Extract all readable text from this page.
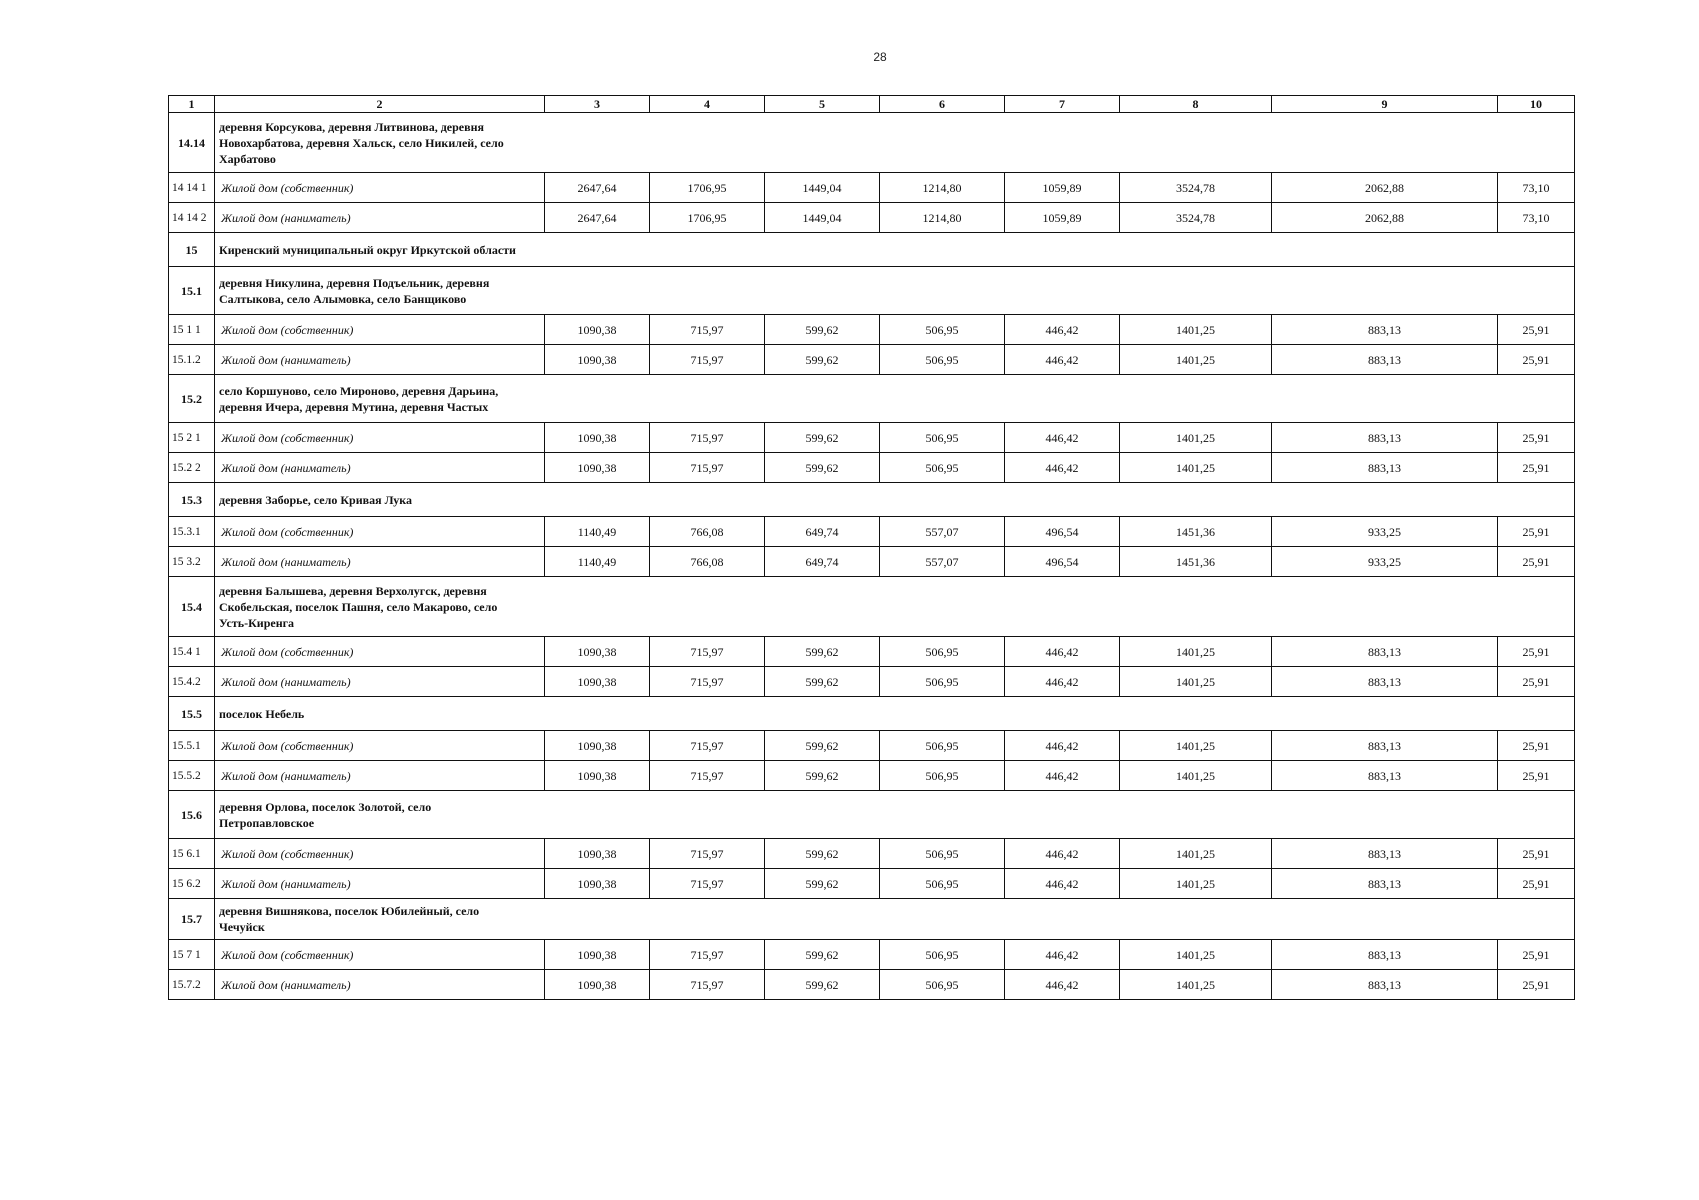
28
1	2	3	4	5	6	7	8	9	10
14.14	деревня Корсукова, деревня Литвинова, деревня Новохарбатова, деревня Хальск, село Никилей, село Харбатово								

14 14 1	Жилой дом (собственник)	2647,64	1706,95	1449,04	1214,80	1059,89	3524,78	2062,88	73,10
14 14 2	Жилой дом (наниматель)	2647,64	1706,95	1449,04	1214,80	1059,89	3524,78	2062,88	73,10
15	Киренский муниципальный округ Иркутской области								

15.1	деревня Никулина, деревня Подъельник, деревня Салтыкова, село Алымовка, село Банщиково								

15 1 1	Жилой дом (собственник)	1090,38	715,97	599,62	506,95	446,42	1401,25	883,13	25,91
15.1.2	Жилой дом (наниматель)	1090,38	715,97	599,62	506,95	446,42	1401,25	883,13	25,91
15.2	село Коршуново, село Мироново, деревня Дарьина, деревня Ичера, деревня Мутина, деревня Частых								

15 2 1	Жилой дом (собственник)	1090,38	715,97	599,62	506,95	446,42	1401,25	883,13	25,91
15.2 2	Жилой дом (наниматель)	1090,38	715,97	599,62	506,95	446,42	1401,25	883,13	25,91
15.3	деревня Заборье, село Кривая Лука								

15.3.1	Жилой дом (собственник)	1140,49	766,08	649,74	557,07	496,54	1451,36	933,25	25,91
15 3.2	Жилой дом (наниматель)	1140,49	766,08	649,74	557,07	496,54	1451,36	933,25	25,91
15.4	деревня Балышева, деревня Верхолугск, деревня Скобельская, поселок Пашня, село Макарово, село Усть-Киренга								

15.4 1	Жилой дом (собственник)	1090,38	715,97	599,62	506,95	446,42	1401,25	883,13	25,91
15.4.2	Жилой дом (наниматель)	1090,38	715,97	599,62	506,95	446,42	1401,25	883,13	25,91
15.5	поселок Небель								

15.5.1	Жилой дом (собственник)	1090,38	715,97	599,62	506,95	446,42	1401,25	883,13	25,91
15.5.2	Жилой дом (наниматель)	1090,38	715,97	599,62	506,95	446,42	1401,25	883,13	25,91
15.6	деревня Орлова, поселок Золотой, село Петропавловское								

15 6.1	Жилой дом (собственник)	1090,38	715,97	599,62	506,95	446,42	1401,25	883,13	25,91
15 6.2	Жилой дом (наниматель)	1090,38	715,97	599,62	506,95	446,42	1401,25	883,13	25,91
15.7	деревня Вишнякова, поселок Юбилейный, село Чечуйск								

15 7 1	Жилой дом (собственник)	1090,38	715,97	599,62	506,95	446,42	1401,25	883,13	25,91
15.7.2	Жилой дом (наниматель)	1090,38	715,97	599,62	506,95	446,42	1401,25	883,13	25,91
